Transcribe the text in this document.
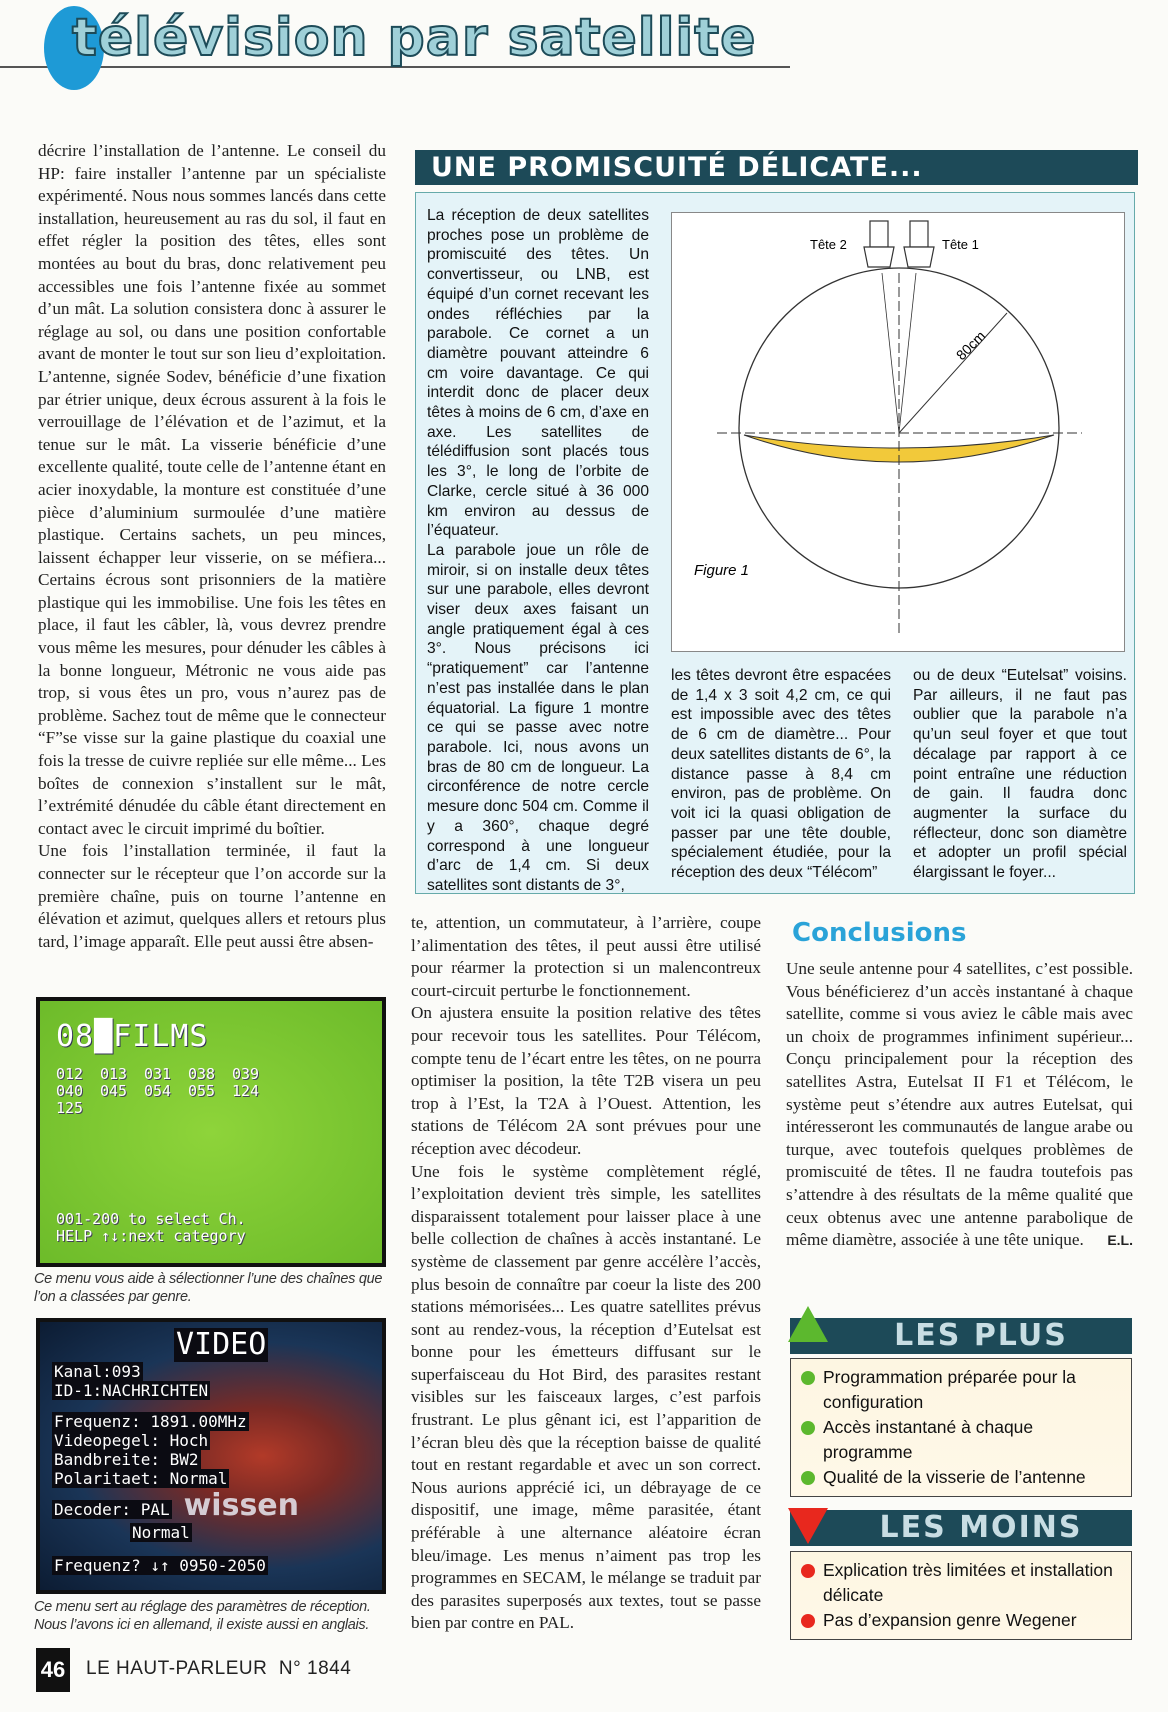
télévision par satellite

décrire l’installation de l’antenne. Le conseil du HP: faire installer l’antenne par un spécialiste expérimenté. Nous nous sommes lancés dans cette installation, heureusement au ras du sol, il faut en effet régler la position des têtes, elles sont montées au bout du bras, donc relativement peu accessibles une fois l’antenne fixée au sommet d’un mât. La solution consistera donc à assurer le réglage au sol, ou dans une position confortable avant de monter le tout sur son lieu d’exploitation. L’antenne, signée Sodev, bénéficie d’une fixation par étrier unique, deux écrous assurent à la fois le verrouillage de l’élévation et de l’azimut, et la tenue sur le mât. La visserie bénéficie d’une excellente qualité, toute celle de l’antenne étant en acier inoxydable, la monture est constituée d’une pièce d’aluminium surmoulée d’une matière plastique. Certains sachets, un peu minces, laissent échapper leur visserie, on se méfiera... Certains écrous sont prisonniers de la matière plastique qui les immobilise. Une fois les têtes en place, il faut les câbler, là, vous devrez prendre vous même les mesures, pour dénuder les câbles à la bonne longueur, Métronic ne vous aide pas trop, si vous êtes un pro, vous n’aurez pas de problème. Sachez tout de même que le connecteur “F”se visse sur la gaine plastique du coaxial une fois la tresse de cuivre repliée sur elle même... Les boîtes de connexion s’installent sur le mât, l’extrémité dénudée du câble étant directement en contact avec le circuit imprimé du boîtier.

Une fois l’installation terminée, il faut la connecter sur le récepteur que l’on accorde sur la première chaîne, puis on tourne l’antenne en élévation et azimut, quelques allers et retours plus tard, l’image apparaît. Elle peut aussi être absen-

08█FILMS
012 013 031 038 039
040 045 054 055 124
125
001-200 to select Ch.
HELP ↑↓:next category
Ce menu vous aide à sélectionner l’une des chaînes que l’on a classées par genre.
VIDEO
Kanal:093
ID-1:NACHRICHTEN
Frequenz: 1891.00MHz
Videopegel: Hoch
Bandbreite: BW2
Polaritaet: Normal
Decoder: PAL wissen
Normal
Frequenz? ↓↑ 0950-2050
Ce menu sert au réglage des paramètres de réception. Nous l’avons ici en allemand, il existe aussi en anglais.
UNE PROMISCUITÉ DÉLICATE...

La réception de deux satellites proches pose un problème de promiscuité des têtes. Un convertisseur, ou LNB, est équipé d’un cornet recevant les ondes réfléchies par la parabole. Ce cornet a un diamètre pouvant atteindre 6 cm voire davantage. Ce qui interdit donc de placer deux têtes à moins de 6 cm, d’axe en axe. Les satellites de télédiffusion sont placés tous les 3°, le long de l’orbite de Clarke, cercle situé à 36 000 km environ au dessus de l’équateur.

La parabole joue un rôle de miroir, si on installe deux têtes sur une parabole, elles devront viser deux axes faisant un angle pratiquement égal à ces 3°. Nous précisons ici “pratiquement” car l’antenne n’est pas installée dans le plan équatorial. La figure 1 montre ce qui se passe avec notre parabole. Ici, nous avons un bras de 80 cm de longueur. La circonférence de notre cercle mesure donc 504 cm. Comme il y a 360°, chaque degré correspond à une longueur d’arc de 1,4 cm. Si deux satellites sont distants de 3°,

Tête 2	Tête 1
80cm
Figure 1
les têtes devront être espacées de 1,4 x 3 soit 4,2 cm, ce qui est impossible avec des têtes de 6 cm de diamètre... Pour deux satellites distants de 6°, la distance passe à 8,4 cm environ, pas de problème. On voit ici la quasi obligation de passer par une tête double, spécialement étudiée, pour la réception des deux “Télécom”
ou de deux “Eutelsat” voisins. Par ailleurs, il ne faut pas oublier que la parabole n’a qu’un seul foyer et que tout décalage par rapport à ce point entraîne une réduction de gain. Il faudra donc augmenter la surface du réflecteur, donc son diamètre et adopter un profil spécial élargissant le foyer...

te, attention, un commutateur, à l’arrière, coupe l’alimentation des têtes, il peut aussi être utilisé pour réarmer la protection si un malencontreux court-circuit perturbe le fonctionnement.

On ajustera ensuite la position relative des têtes pour recevoir tous les satellites. Pour Télécom, compte tenu de l’écart entre les têtes, on ne pourra optimiser la position, la tête T2B visera un peu trop à l’Est, la T2A à l’Ouest. Attention, les stations de Télécom 2A sont prévues pour une réception avec décodeur.

Une fois le système complètement réglé, l’exploitation devient très simple, les satellites disparaissent totalement pour laisser place à une belle collection de chaînes à accès instantané. Le système de classement par genre accélère l’accès, plus besoin de connaître par coeur la liste des 200 stations mémorisées... Les quatre satellites prévus sont au rendez-vous, la réception d’Eutelsat est bonne pour les émetteurs diffusant sur le superfaisceau du Hot Bird, des parasites restant visibles sur les faisceaux larges, c’est parfois frustrant. Le plus gênant ici, est l’apparition de l’écran bleu dès que la réception baisse de qualité tout en restant regardable et avec un son correct. Nous aurions apprécié ici, un débrayage de ce dispositif, une image, même parasitée, étant préférable à une alternance aléatoire écran bleu/image. Les menus n’aiment pas trop les programmes en SECAM, le mélange se traduit par des parasites superposés aux textes, tout se passe bien par contre en PAL.

Conclusions

Une seule antenne pour 4 satellites, c’est possible. Vous bénéficierez d’un accès instantané à chaque satellite, comme si vous aviez le câble mais avec un choix de programmes infiniment supérieur... Conçu principalement pour la réception des satellites Astra, Eutelsat II F1 et Télécom, le système peut s’étendre aux autres Eutelsat, qui intéresseront les communautés de langue arabe ou turque, avec toutefois quelques problèmes de promiscuité de têtes. Il ne faudra toutefois pas s’attendre à des résultats de la même qualité que ceux obtenus avec une antenne parabolique de même diamètre, associée à une tête unique. E.L.

LES PLUS
Programmation préparée pour la configuration
Accès instantané à chaque programme
Qualité de la visserie de l’antenne
LES MOINS
Explication très limitées et installation délicate
Pas d’expansion genre Wegener
46 LE HAUT-PARLEUR N° 1844
